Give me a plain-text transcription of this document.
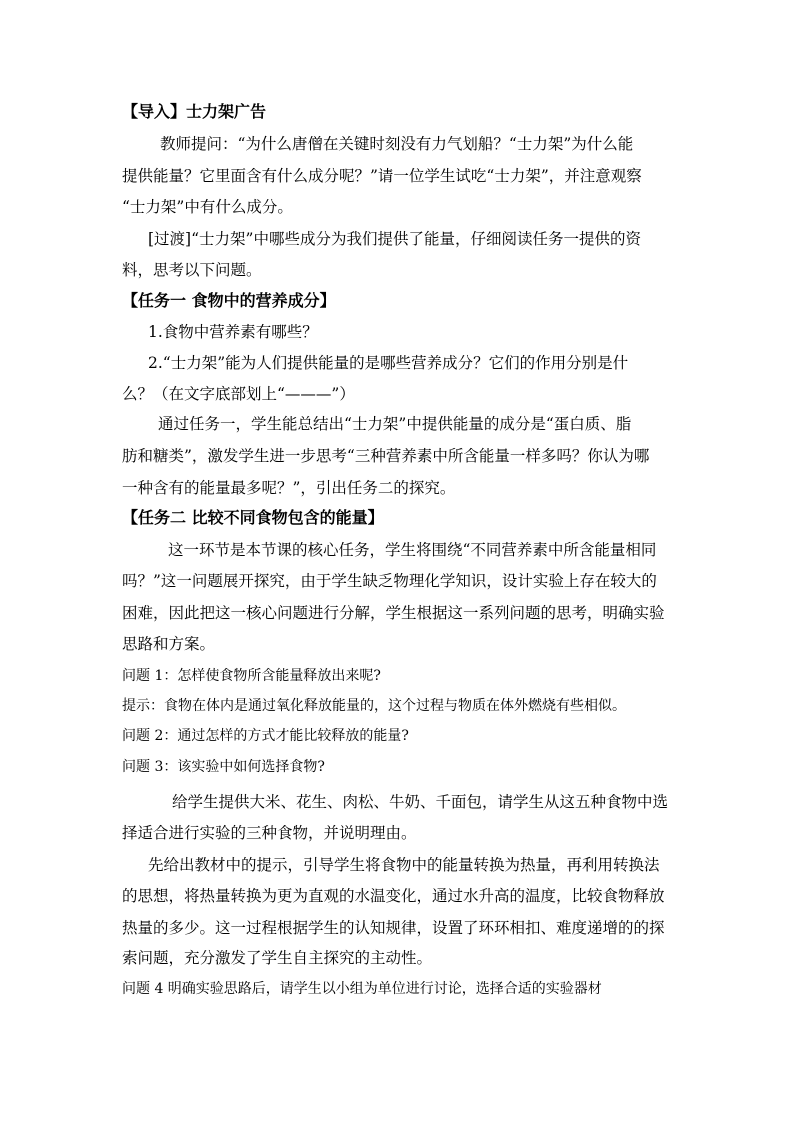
【导入】士力架广告
教师提问：“为什么唐僧在关键时刻没有力气划船？“士力架”为什么能
提供能量？它里面含有什么成分呢？”请一位学生试吃“士力架”，并注意观察
“士力架”中有什么成分。
[过渡]“士力架”中哪些成分为我们提供了能量，仔细阅读任务一提供的资
料，思考以下问题。
【任务一 食物中的营养成分】
1.食物中营养素有哪些？
2.“士力架”能为人们提供能量的是哪些营养成分？它们的作用分别是什
么？（在文字底部划上“———”）
通过任务一，学生能总结出“士力架”中提供能量的成分是“蛋白质、脂
肪和糖类”，激发学生进一步思考“三种营养素中所含能量一样多吗？你认为哪
一种含有的能量最多呢？”，引出任务二的探究。
【任务二 比较不同食物包含的能量】
这一环节是本节课的核心任务，学生将围绕“不同营养素中所含能量相同
吗？”这一问题展开探究，由于学生缺乏物理化学知识，设计实验上存在较大的
困难，因此把这一核心问题进行分解，学生根据这一系列问题的思考，明确实验
思路和方案。
问题 1：怎样使食物所含能量释放出来呢?
提示：食物在体内是通过氧化释放能量的，这个过程与物质在体外燃烧有些相似。
问题 2：通过怎样的方式才能比较释放的能量?
问题 3：该实验中如何选择食物?
给学生提供大米、花生、肉松、牛奶、千面包，请学生从这五种食物中选
择适合进行实验的三种食物，并说明理由。
先给出教材中的提示，引导学生将食物中的能量转换为热量，再利用转换法
的思想，将热量转换为更为直观的水温变化，通过水升高的温度，比较食物释放
热量的多少。这一过程根据学生的认知规律，设置了环环相扣、难度递增的的探
索问题，充分激发了学生自主探究的主动性。
问题 4 明确实验思路后，请学生以小组为单位进行讨论，选择合适的实验器材
